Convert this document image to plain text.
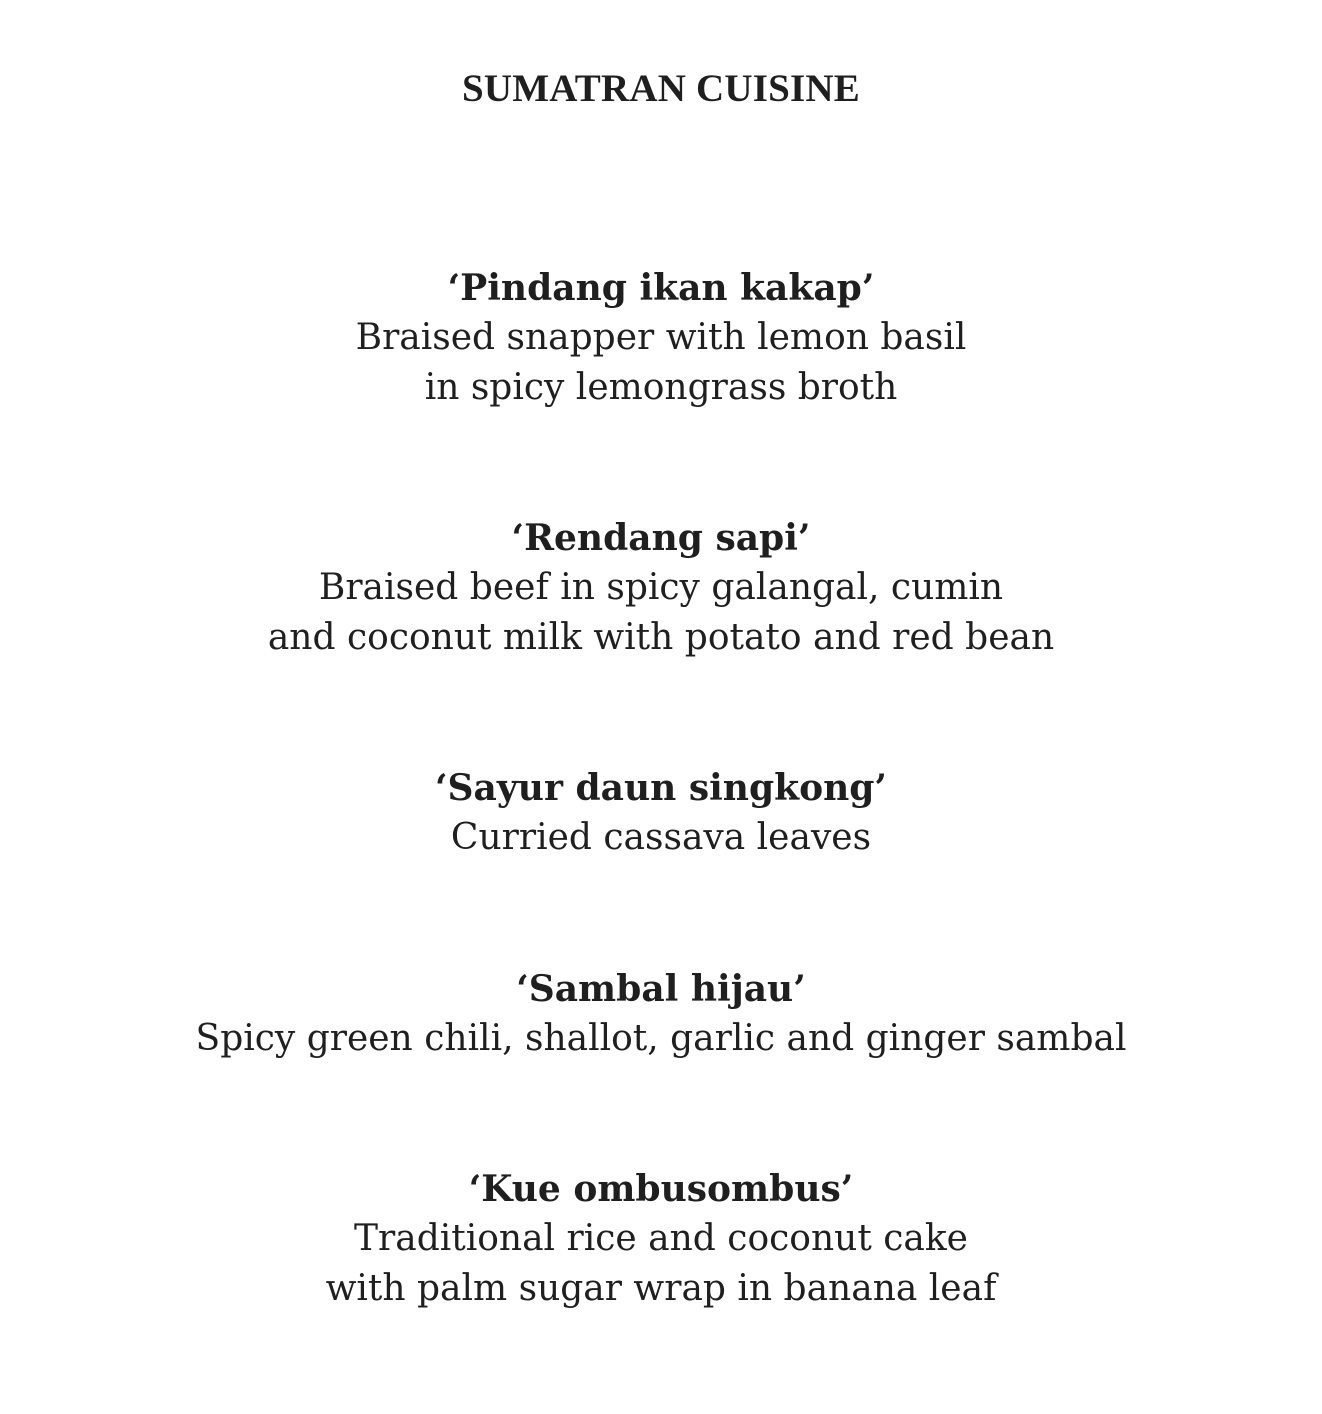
SUMATRAN CUISINE
‘Pindang ikan kakap’
Braised snapper with lemon basil
in spicy lemongrass broth
‘Rendang sapi’
Braised beef in spicy galangal, cumin
and coconut milk with potato and red bean
‘Sayur daun singkong’
Curried cassava leaves
‘Sambal hijau’
Spicy green chili, shallot, garlic and ginger sambal
‘Kue ombusombus’
Traditional rice and coconut cake
with palm sugar wrap in banana leaf
